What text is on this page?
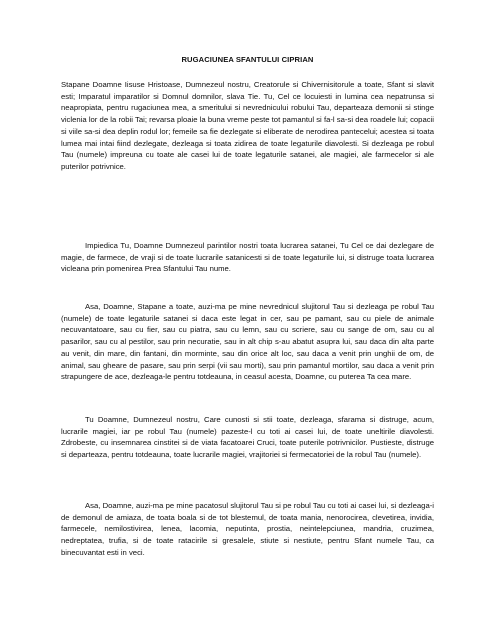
RUGACIUNEA SFANTULUI CIPRIAN

Stapane Doamne Iisuse Hristoase, Dumnezeul nostru, Creatorule si Chivernisitorule a toate, Sfant si slavit esti; Imparatul imparatilor si Domnul domnilor, slava Tie. Tu, Cel ce locuiesti in lumina cea nepatrunsa si neapropiata, pentru rugaciunea mea, a smeritului si nevrednicului robului Tau, departeaza demonii si stinge viclenia lor de la robii Tai; revarsa ploaie la buna vreme peste tot pamantul si fa-l sa-si dea roadele lui; copacii si viile sa-si dea deplin rodul lor; femeile sa fie dezlegate si eliberate de nerodirea pantecelui; acestea si toata lumea mai intai fiind dezlegate, dezleaga si toata zidirea de toate legaturile diavolesti. Si dezleaga pe robul Tau (numele) impreuna cu toate ale casei lui de toate legaturile satanei, ale magiei, ale farmecelor si ale puterilor potrivnice.

Impiedica Tu, Doamne Dumnezeul parintilor nostri toata lucrarea satanei, Tu Cel ce dai dezlegare de magie, de farmece, de vraji si de toate lucrarile satanicesti si de toate legaturile lui, si distruge toata lucrarea vicleana prin pomenirea Prea Sfantului Tau nume.

Asa, Doamne, Stapane a toate, auzi-ma pe mine nevrednicul slujitorul Tau si dezleaga pe robul Tau (numele) de toate legaturile satanei si daca este legat in cer, sau pe pamant, sau cu piele de animale necuvantatoare, sau cu fier, sau cu piatra, sau cu lemn, sau cu scriere, sau cu sange de om, sau cu al pasarilor, sau cu al pestilor, sau prin necuratie, sau in alt chip s-au abatut asupra lui, sau daca din alta parte au venit, din mare, din fantani, din morminte, sau din orice alt loc, sau daca a venit prin unghii de om, de animal, sau gheare de pasare, sau prin serpi (vii sau morti), sau prin pamantul mortilor, sau daca a venit prin strapungere de ace, dezleaga-le pentru totdeauna, in ceasul acesta, Doamne, cu puterea Ta cea mare.

Tu Doamne, Dumnezeul nostru, Care cunosti si stii toate, dezleaga, sfarama si distruge, acum, lucrarile magiei, iar pe robul Tau (numele) pazeste-l cu toti ai casei lui, de toate uneltirile diavolesti. Zdrobeste, cu insemnarea cinstitei si de viata facatoarei Cruci, toate puterile potrivnicilor. Pustieste, distruge si departeaza, pentru totdeauna, toate lucrarile magiei, vrajitoriei si fermecatoriei de la robul Tau (numele).

Asa, Doamne, auzi-ma pe mine pacatosul slujitorul Tau si pe robul Tau cu toti ai casei lui, si dezleaga-i de demonul de amiaza, de toata boala si de tot blestemul, de toata mania, nenorocirea, clevetirea, invidia, farmecele, nemilostivirea, lenea, lacomia, neputinta, prostia, neintelepciunea, mandria, cruzimea, nedreptatea, trufia, si de toate ratacirile si gresalele, stiute si nestiute, pentru Sfant numele Tau, ca binecuvantat esti in veci.
